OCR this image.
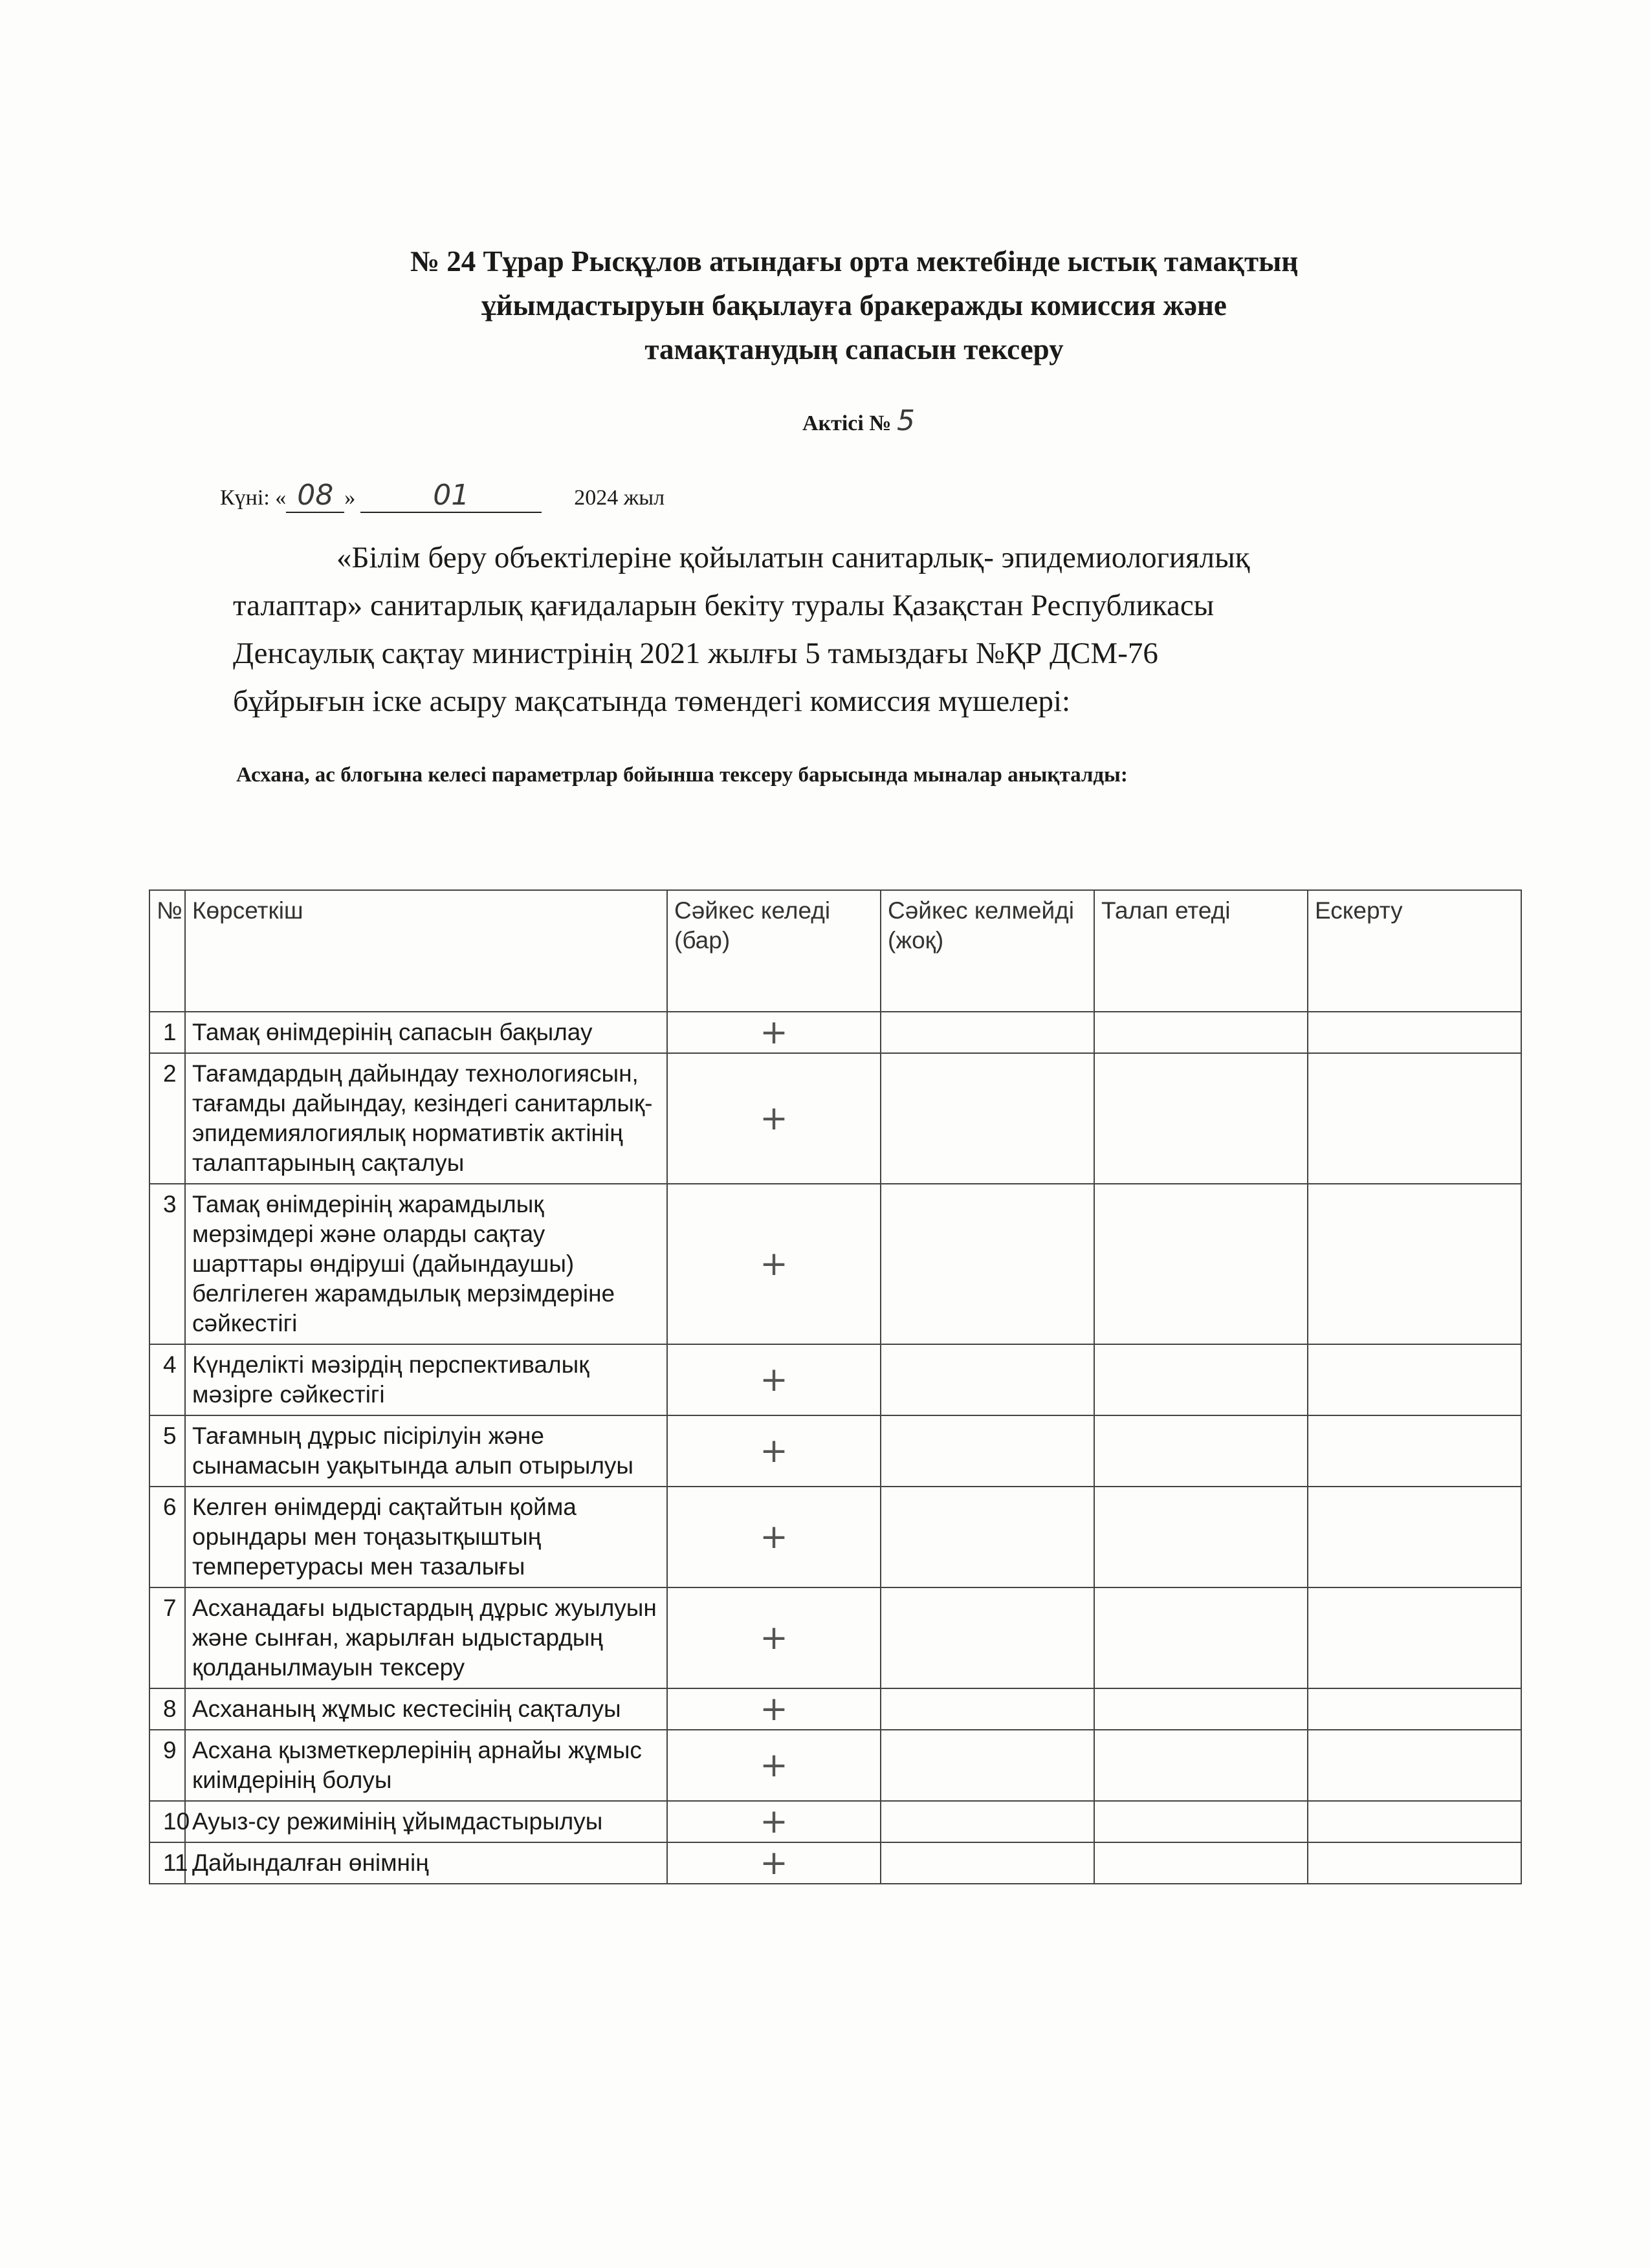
№ 24 Тұрар Рысқұлов атындағы орта мектебінде ыстық тамақтың
ұйымдастыруын бақылауға бракеражды комиссия және
тамақтанудың сапасын тексеру
Актісі № 5
Күні: « 08 »	01	2024 жыл
«Білім беру объектілеріне қойылатын санитарлық- эпидемиологиялық
талаптар» санитарлық қағидаларын бекіту туралы Қазақстан Республикасы
Денсаулық сақтау министрінің 2021 жылғы 5 тамыздағы №ҚР ДСМ-76
бұйрығын іске асыру мақсатында төмендегі комиссия мүшелері:
Асхана, ас блогына келесі параметрлар бойынша тексеру барысында мыналар анықталды:
№	Көрсеткіш	Сәйкес келеді (бар)	Сәйкес келмейді (жоқ)	Талап етеді	Ескерту
1	Тамақ өнімдерінің сапасын бақылау	+			
2	Тағамдардың дайындау технологиясын, тағамды дайындау, кезіндегі санитарлық-эпидемиялогиялық нормативтік актінің талаптарының сақталуы	+			
3	Тамақ өнімдерінің жарамдылық мерзімдері және оларды сақтау шарттары өндіруші (дайындаушы) белгілеген жарамдылық мерзімдеріне сәйкестігі	+			
4	Күнделікті мәзірдің перспективалық мәзірге сәйкестігі	+			
5	Тағамның дұрыс пісірілуін және сынамасын уақытында алып отырылуы	+			
6	Келген өнімдерді сақтайтын қойма орындары мен тоңазытқыштың темперетурасы мен тазалығы	+			
7	Асханадағы ыдыстардың дұрыс жуылуын және сынған, жарылған ыдыстардың қолданылмауын тексеру	+			
8	Асхананың жұмыс кестесінің сақталуы	+			
9	Асхана қызметкерлерінің арнайы жұмыс киімдерінің болуы	+			
10	Ауыз-су режимінің ұйымдастырылуы	+			
11	Дайындалған өнімнің	+			
